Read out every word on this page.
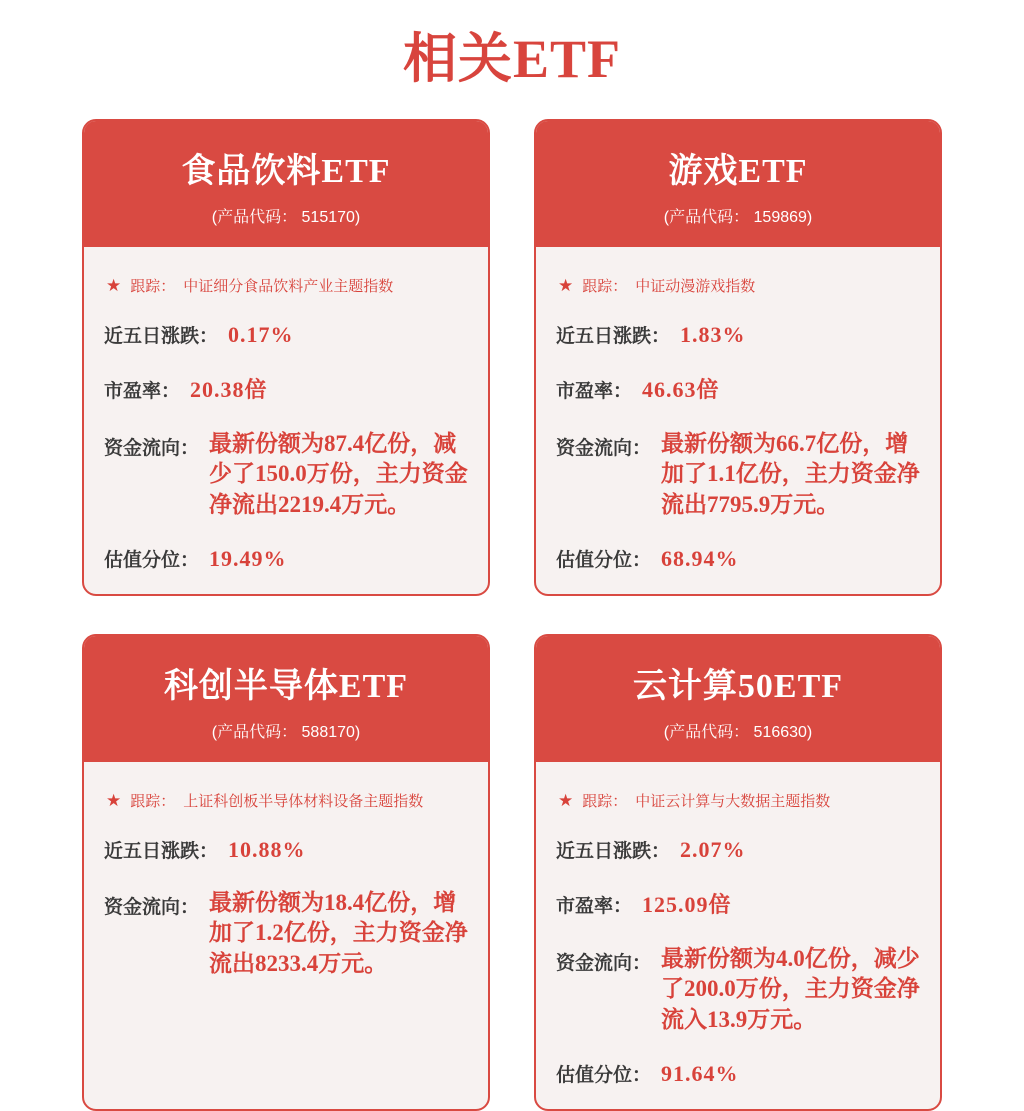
相关ETF
食品饮料ETF
(产品代码： 515170)
★ 跟踪： 中证细分食品饮料产业主题指数
近五日涨跌： 0.17%
市盈率： 20.38倍
资金流向： 最新份额为87.4亿份，减少了150.0万份，主力资金净流出2219.4万元。
估值分位： 19.49%
游戏ETF
(产品代码： 159869)
★ 跟踪： 中证动漫游戏指数
近五日涨跌： 1.83%
市盈率： 46.63倍
资金流向： 最新份额为66.7亿份，增加了1.1亿份，主力资金净流出7795.9万元。
估值分位： 68.94%
科创半导体ETF
(产品代码： 588170)
★ 跟踪： 上证科创板半导体材料设备主题指数
近五日涨跌： 10.88%
资金流向： 最新份额为18.4亿份，增加了1.2亿份，主力资金净流出8233.4万元。
云计算50ETF
(产品代码： 516630)
★ 跟踪： 中证云计算与大数据主题指数
近五日涨跌： 2.07%
市盈率： 125.09倍
资金流向： 最新份额为4.0亿份，减少了200.0万份，主力资金净流入13.9万元。
估值分位： 91.64%
